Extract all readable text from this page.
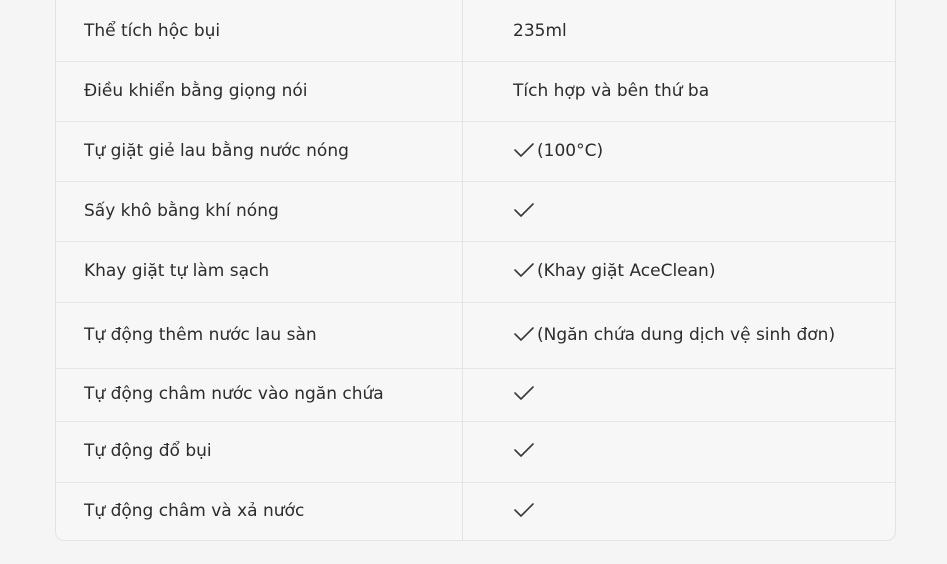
Thể tích hộc bụi	235ml
Điều khiển bằng giọng nói	Tích hợp và bên thứ ba
Tự giặt giẻ lau bằng nước nóng	(100°C)
Sấy khô bằng khí nóng	

Khay giặt tự làm sạch	(Khay giặt AceClean)
Tự động thêm nước lau sàn	(Ngăn chứa dung dịch vệ sinh đơn)
Tự động châm nước vào ngăn chứa	

Tự động đổ bụi	

Tự động châm và xả nước	
